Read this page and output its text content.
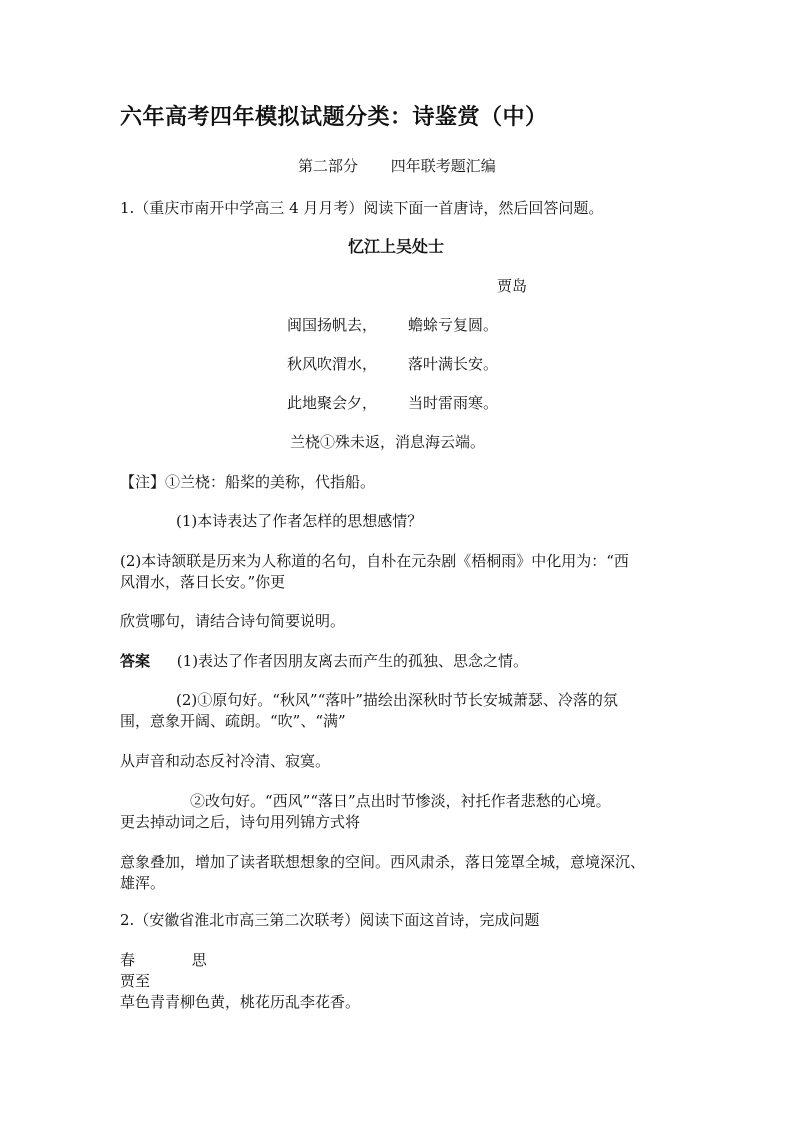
六年高考四年模拟试题分类：诗鉴赏（中）
第二部分 四年联考题汇编
1.（重庆市南开中学高三 4 月月考）阅读下面一首唐诗，然后回答问题。
忆江上吴处士
贾岛
闽国扬帆去， 蟾蜍亏复圆。
秋风吹渭水， 落叶满长安。
此地聚会夕， 当时雷雨寒。
兰桡①殊未返，消息海云端。
【注】①兰桡：船桨的美称，代指船。
(1)本诗表达了作者怎样的思想感情？
(2)本诗颔联是历来为人称道的名句，自朴在元杂剧《梧桐雨》中化用为：“西
风渭水，落日长安。”你更
欣赏哪句，请结合诗句简要说明。
答案 (1)表达了作者因朋友离去而产生的孤独、思念之情。
(2)①原句好。“秋风”“落叶”描绘出深秋时节长安城萧瑟、冷落的氛
围，意象开阔、疏朗。“吹”、“满”
从声音和动态反衬冷清、寂寞。
②改句好。“西风”“落日”点出时节惨淡，衬托作者悲愁的心境。
更去掉动词之后，诗句用列锦方式将
意象叠加，增加了读者联想想象的空间。西风肃杀，落日笼罩全城，意境深沉、
雄浑。
2.（安徽省淮北市高三第二次联考）阅读下面这首诗，完成问题
春	思
贾至
草色青青柳色黄，桃花历乱李花香。
